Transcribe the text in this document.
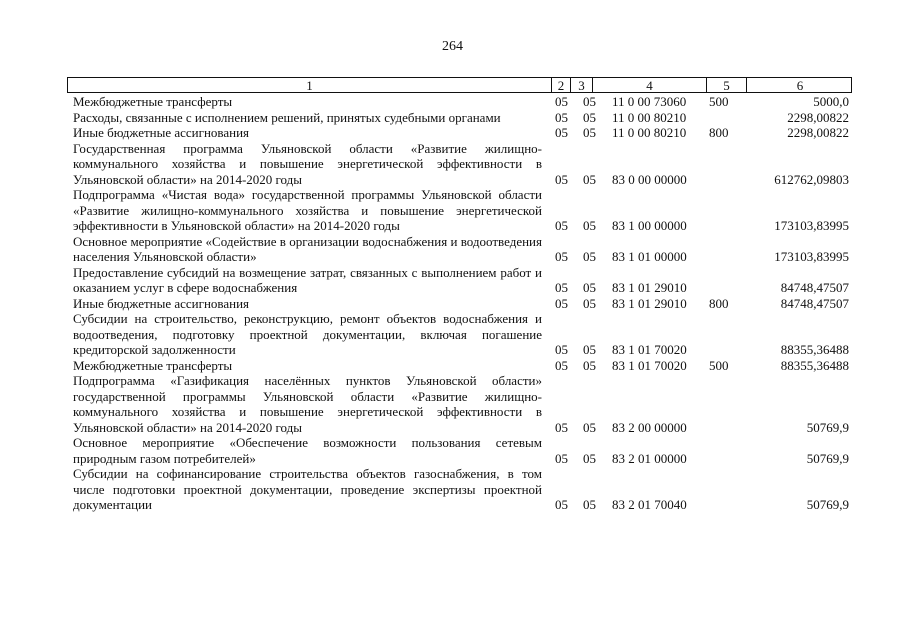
264
1	2	3	4	5	6
Межбюджетные трансферты	05 05 11 0 00 73060 500	5000,0
Расходы, связанные с исполнением решений, принятых судебными органами	05 05 11 0 00 80210	2298,00822
Иные бюджетные ассигнования	05 05 11 0 00 80210 800	2298,00822
Государственная программа Ульяновской области «Развитие жилищно-коммунального хозяйства и повышение энергетической эффективности в Ульяновской области» на 2014-2020 годы	05 05 83 0 00 00000	612762,09803
Подпрограмма «Чистая вода» государственной программы Ульяновской области «Развитие жилищно-коммунального хозяйства и повышение энергетической эффективности в Ульяновской области» на 2014-2020 годы	05 05 83 1 00 00000	173103,83995
Основное мероприятие «Содействие в организации водоснабжения и водоотведения населения Ульяновской области»	05 05 83 1 01 00000	173103,83995
Предоставление субсидий на возмещение затрат, связанных с выполнением работ и оказанием услуг в сфере водоснабжения	05 05 83 1 01 29010	84748,47507
Иные бюджетные ассигнования	05 05 83 1 01 29010 800	84748,47507
Субсидии на строительство, реконструкцию, ремонт объектов водоснабжения и водоотведения, подготовку проектной документации, включая погашение кредиторской задолженности	05 05 83 1 01 70020	88355,36488
Межбюджетные трансферты	05 05 83 1 01 70020 500	88355,36488
Подпрограмма «Газификация населённых пунктов Ульяновской области» государственной программы Ульяновской области «Развитие жилищно-коммунального хозяйства и повышение энергетической эффективности в Ульяновской области» на 2014-2020 годы	05 05 83 2 00 00000	50769,9
Основное мероприятие «Обеспечение возможности пользования сетевым природным газом потребителей»	05 05 83 2 01 00000	50769,9
Субсидии на софинансирование строительства объектов газоснабжения, в том числе подготовки проектной документации, проведение экспертизы проектной документации	05 05 83 2 01 70040	50769,9
